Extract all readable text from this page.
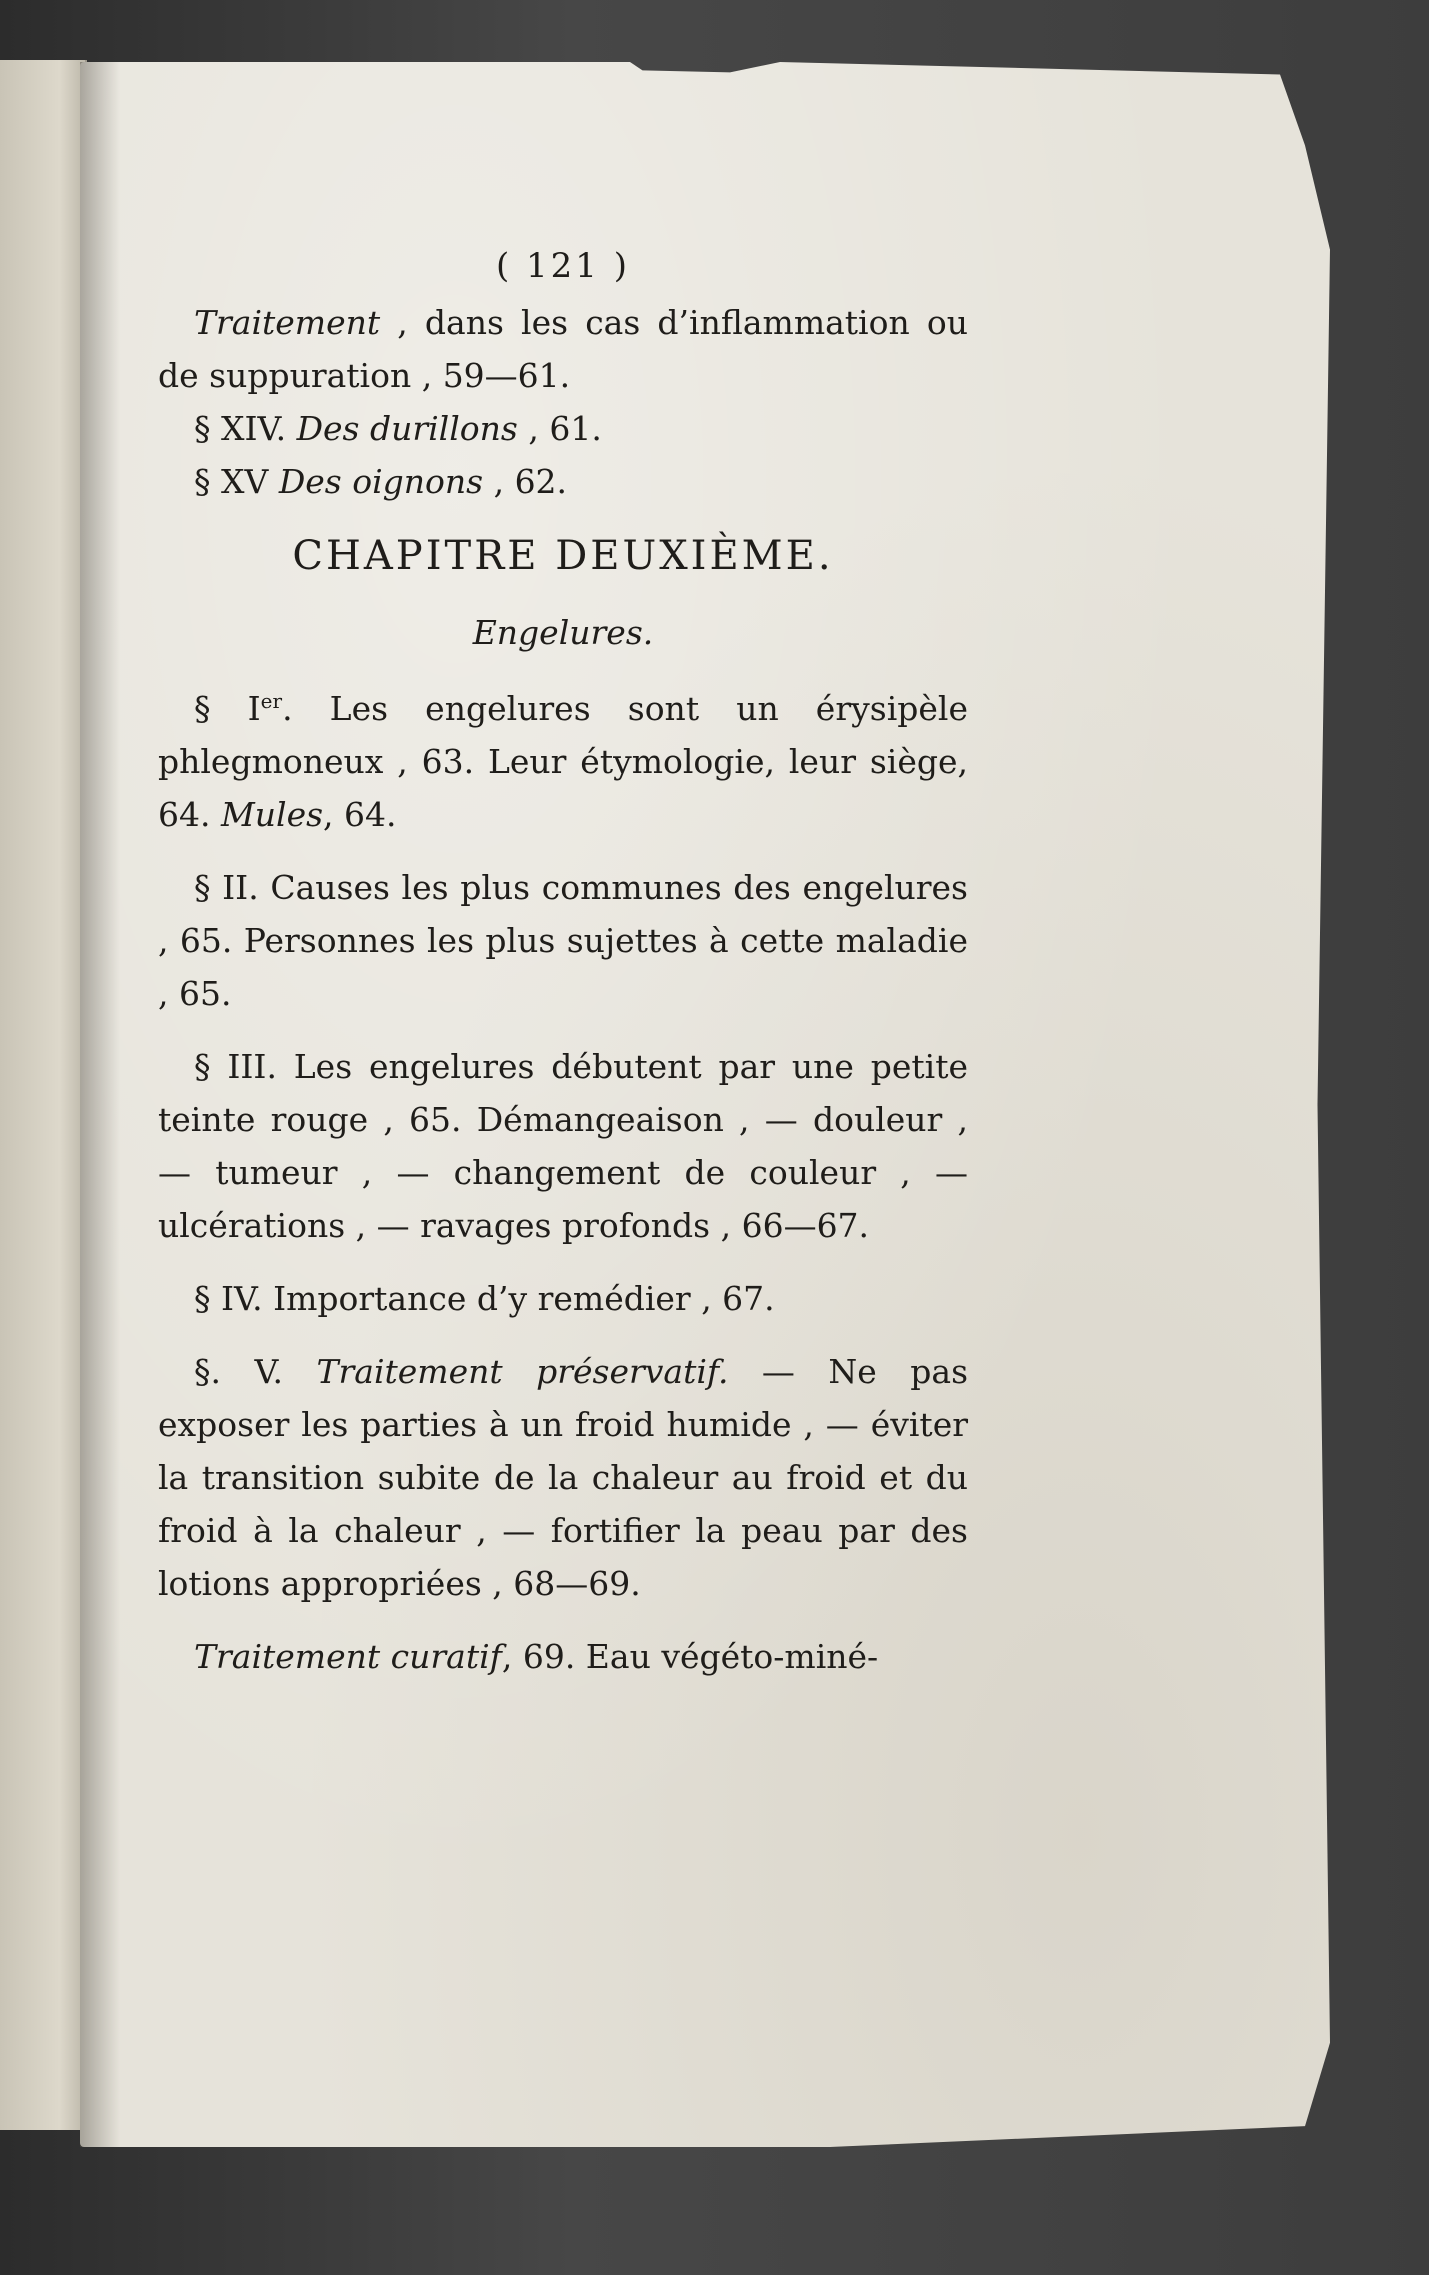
( 121 )

Traitement , dans les cas d’inflammation ou de suppuration , 59—61.

§ XIV. Des durillons , 61.

§ XV Des oignons , 62.

CHAPITRE DEUXIÈME.
Engelures.

§ Ier. Les engelures sont un érysipèle phlegmoneux , 63. Leur étymologie, leur siège, 64. Mules, 64.

§ II. Causes les plus communes des engelures , 65. Personnes les plus sujettes à cette maladie , 65.

§ III. Les engelures débutent par une petite teinte rouge , 65. Démangeaison , — douleur , — tumeur , — changement de couleur , — ulcérations , — ravages profonds , 66—67.

§ IV. Importance d’y remédier , 67.

§. V. Traitement préservatif. — Ne pas exposer les parties à un froid humide , — éviter la transition subite de la chaleur au froid et du froid à la chaleur , — fortifier la peau par des lotions appropriées , 68—69.

Traitement curatif, 69. Eau végéto-miné-
